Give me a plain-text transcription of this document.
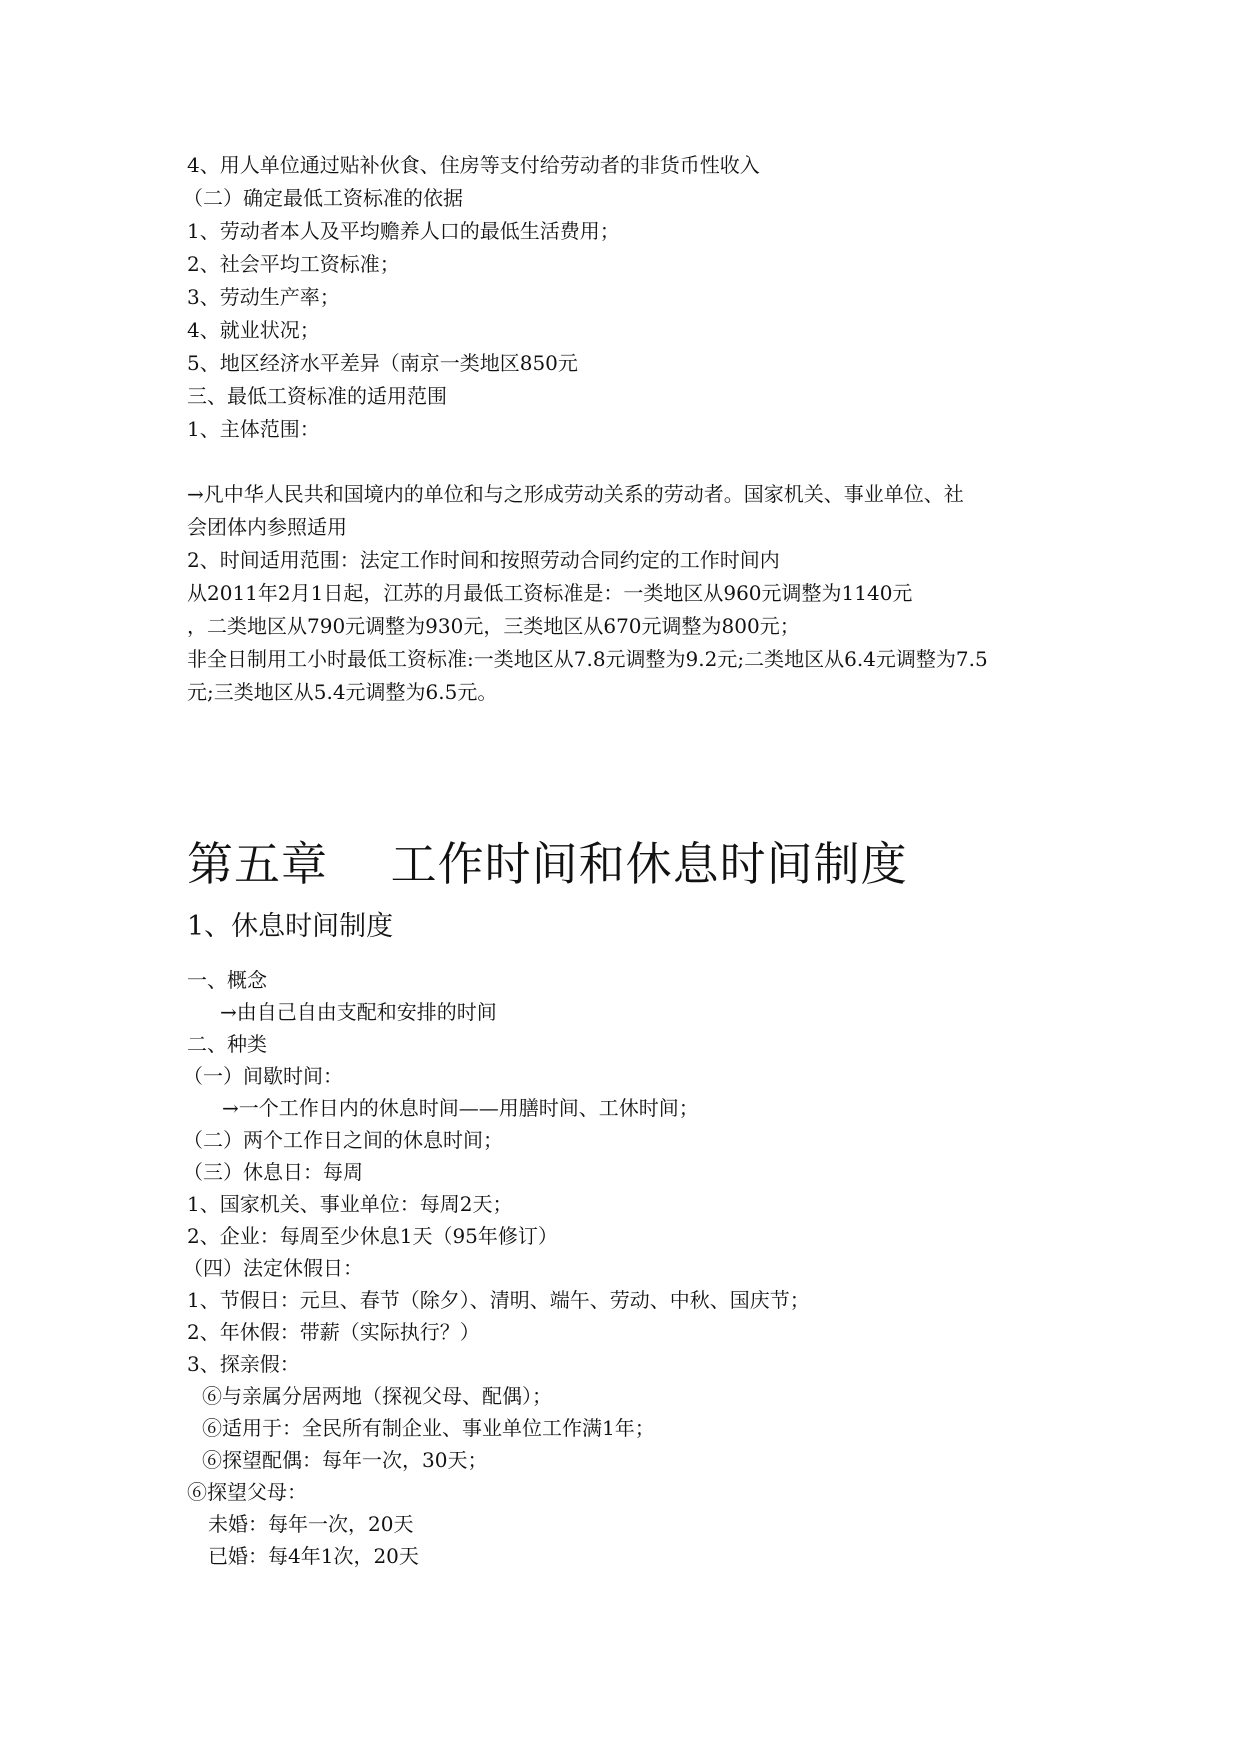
4、用人单位通过贴补伙食、住房等支付给劳动者的非货币性收入
（二）确定最低工资标准的依据
1、劳动者本人及平均赡养人口的最低生活费用；
2、社会平均工资标准；
3、劳动生产率；
4、就业状况；
5、地区经济水平差异（南京一类地区850元
三、最低工资标准的适用范围
1、主体范围：
→凡中华人民共和国境内的单位和与之形成劳动关系的劳动者。国家机关、事业单位、社
会团体内参照适用
2、时间适用范围：法定工作时间和按照劳动合同约定的工作时间内
从2011年2月1日起，江苏的月最低工资标准是：一类地区从960元调整为1140元
，二类地区从790元调整为930元，三类地区从670元调整为800元；
非全日制用工小时最低工资标准:一类地区从7.8元调整为9.2元;二类地区从6.4元调整为7.5
元;三类地区从5.4元调整为6.5元。
第五章　 工作时间和休息时间制度
1、休息时间制度
一、概念
→由自己自由支配和安排的时间
二、种类
（一）间歇时间：
→一个工作日内的休息时间——用膳时间、工休时间；
（二）两个工作日之间的休息时间；
（三）休息日：每周
1、国家机关、事业单位：每周2天；
2、企业：每周至少休息1天（95年修订）
（四）法定休假日：
1、节假日：元旦、春节（除夕）、清明、端午、劳动、中秋、国庆节；
2、年休假：带薪（实际执行？）
3、探亲假：
⑥与亲属分居两地（探视父母、配偶）；
⑥适用于：全民所有制企业、事业单位工作满1年；
⑥探望配偶：每年一次，30天；
⑥探望父母：
未婚：每年一次，20天
已婚：每4年1次，20天
